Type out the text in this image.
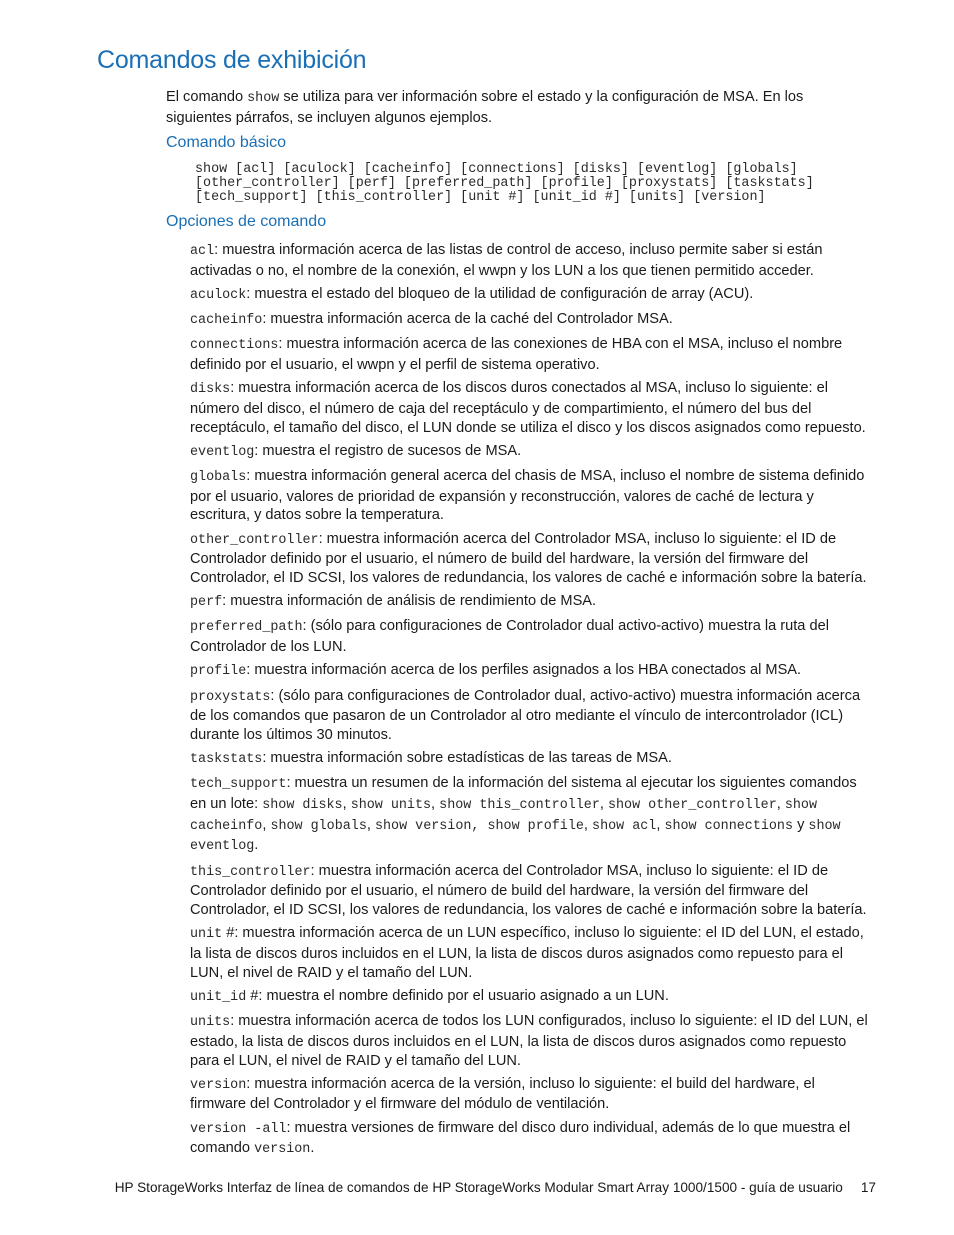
Comandos de exhibición

El comando show se utiliza para ver información sobre el estado y la configuración de MSA. En los siguientes párrafos, se incluyen algunos ejemplos.

Comando básico
show [acl] [aculock] [cacheinfo] [connections] [disks] [eventlog] [globals]
[other_controller] [perf] [preferred_path] [profile] [proxystats] [taskstats]
[tech_support] [this_controller] [unit #] [unit_id #] [units] [version]
Opciones de comando

acl: muestra información acerca de las listas de control de acceso, incluso permite saber si están activadas o no, el nombre de la conexión, el wwpn y los LUN a los que tienen permitido acceder.

aculock: muestra el estado del bloqueo de la utilidad de configuración de array (ACU).

cacheinfo: muestra información acerca de la caché del Controlador MSA.

connections: muestra información acerca de las conexiones de HBA con el MSA, incluso el nombre definido por el usuario, el wwpn y el perfil de sistema operativo.

disks: muestra información acerca de los discos duros conectados al MSA, incluso lo siguiente: el número del disco, el número de caja del receptáculo y de compartimiento, el número del bus del receptáculo, el tamaño del disco, el LUN donde se utiliza el disco y los discos asignados como repuesto.

eventlog: muestra el registro de sucesos de MSA.

globals: muestra información general acerca del chasis de MSA, incluso el nombre de sistema definido por el usuario, valores de prioridad de expansión y reconstrucción, valores de caché de lectura y escritura, y datos sobre la temperatura.

other_controller: muestra información acerca del Controlador MSA, incluso lo siguiente: el ID de Controlador definido por el usuario, el número de build del hardware, la versión del firmware del Controlador, el ID SCSI, los valores de redundancia, los valores de caché e información sobre la batería.

perf: muestra información de análisis de rendimiento de MSA.

preferred_path: (sólo para configuraciones de Controlador dual activo-activo) muestra la ruta del Controlador de los LUN.

profile: muestra información acerca de los perfiles asignados a los HBA conectados al MSA.

proxystats: (sólo para configuraciones de Controlador dual, activo-activo) muestra información acerca de los comandos que pasaron de un Controlador al otro mediante el vínculo de intercontrolador (ICL) durante los últimos 30 minutos.

taskstats: muestra información sobre estadísticas de las tareas de MSA.

tech_support: muestra un resumen de la información del sistema al ejecutar los siguientes comandos en un lote: show disks, show units, show this_controller, show other_controller, show cacheinfo, show globals, show version, show profile, show acl, show connections y show eventlog.

this_controller: muestra información acerca del Controlador MSA, incluso lo siguiente: el ID de Controlador definido por el usuario, el número de build del hardware, la versión del firmware del Controlador, el ID SCSI, los valores de redundancia, los valores de caché e información sobre la batería.

unit #: muestra información acerca de un LUN específico, incluso lo siguiente: el ID del LUN, el estado, la lista de discos duros incluidos en el LUN, la lista de discos duros asignados como repuesto para el LUN, el nivel de RAID y el tamaño del LUN.

unit_id #: muestra el nombre definido por el usuario asignado a un LUN.

units: muestra información acerca de todos los LUN configurados, incluso lo siguiente: el ID del LUN, el estado, la lista de discos duros incluidos en el LUN, la lista de discos duros asignados como repuesto para el LUN, el nivel de RAID y el tamaño del LUN.

version: muestra información acerca de la versión, incluso lo siguiente: el build del hardware, el firmware del Controlador y el firmware del módulo de ventilación.

version -all: muestra versiones de firmware del disco duro individual, además de lo que muestra el comando version.

HP StorageWorks Interfaz de línea de comandos de HP StorageWorks Modular Smart Array 1000/1500 - guía de usuario 17
